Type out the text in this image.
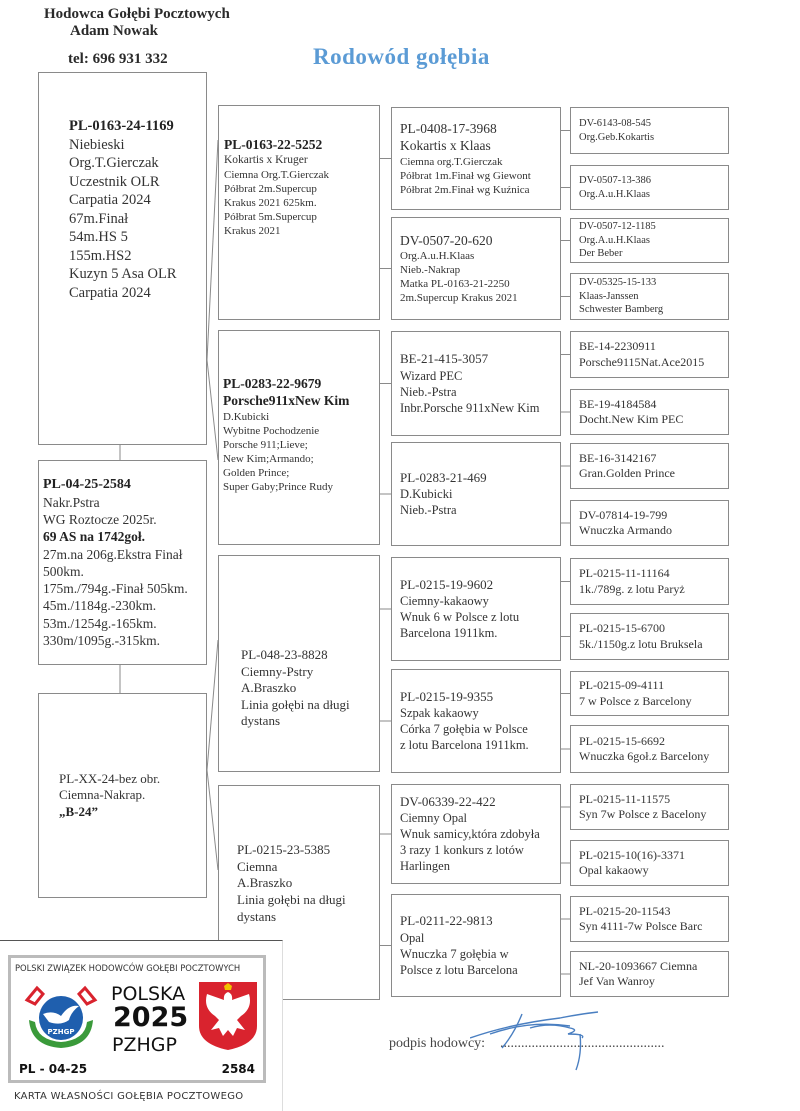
Hodowca Gołębi Pocztowych
Adam Nowak
tel: 696 931 332	Rodowód gołębia
PL-0163-24-1169
Niebieski
Org.T.Gierczak
Uczestnik OLR
Carpatia 2024
67m.Finał
54m.HS 5
155m.HS2
Kuzyn 5 Asa OLR
Carpatia 2024
PL-04-25-2584
Nakr.Pstra
WG Roztocze 2025r.
69 AS na 1742goł.
27m.na 206g.Ekstra Finał
500km.
175m./794g.-Finał 505km.
45m./1184g.-230km.
53m./1254g.-165km.
330m/1095g.-315km.
PL-XX-24-bez obr.
Ciemna-Nakrap.
„B-24”
PL-0163-22-5252
Kokartis x Kruger
Ciemna Org.T.Gierczak
Półbrat 2m.Supercup
Krakus 2021 625km.
Półbrat 5m.Supercup
Krakus 2021
PL-0283-22-9679
Porsche911xNew Kim
D.Kubicki
Wybitne Pochodzenie
Porsche 911;Lieve;
New Kim;Armando;
Golden Prince;
Super Gaby;Prince Rudy
PL-048-23-8828
Ciemny-Pstry
A.Braszko
Linia gołębi na długi
dystans
PL-0215-23-5385
Ciemna
A.Braszko
Linia gołębi na długi
dystans
PL-0408-17-3968
Kokartis x Klaas
Ciemna org.T.Gierczak
Półbrat 1m.Finał wg Giewont
Półbrat 2m.Finał wg Kuźnica
DV-0507-20-620
Org.A.u.H.Klaas
Nieb.-Nakrap
Matka PL-0163-21-2250
2m.Supercup Krakus 2021
BE-21-415-3057
Wizard PEC
Nieb.-Pstra
Inbr.Porsche 911xNew Kim
PL-0283-21-469
D.Kubicki
Nieb.-Pstra
PL-0215-19-9602
Ciemny-kakaowy
Wnuk 6 w Polsce z lotu
Barcelona 1911km.
PL-0215-19-9355
Szpak kakaowy
Córka 7 gołębia w Polsce
z lotu Barcelona 1911km.
DV-06339-22-422
Ciemny Opal
Wnuk samicy,która zdobyła
3 razy 1 konkurs z lotów
Harlingen
PL-0211-22-9813
Opal
Wnuczka 7 gołębia w
Polsce z lotu Barcelona
DV-6143-08-545
Org.Geb.Kokartis
DV-0507-13-386
Org.A.u.H.Klaas
DV-0507-12-1185
Org.A.u.H.Klaas
Der Beber
DV-05325-15-133
Klaas-Janssen
Schwester Bamberg
BE-14-2230911
Porsche9115Nat.Ace2015
BE-19-4184584
Docht.New Kim PEC
BE-16-3142167
Gran.Golden Prince
DV-07814-19-799
Wnuczka Armando
PL-0215-11-11164
1k./789g. z lotu Paryż
PL-0215-15-6700
5k./1150g.z lotu Bruksela
PL-0215-09-4111
7 w Polsce z Barcelony
PL-0215-15-6692
Wnuczka 6goł.z Barcelony
PL-0215-11-11575
Syn 7w Polsce z Bacelony
PL-0215-10(16)-3371
Opal kakaowy
PL-0215-20-11543
Syn 4111-7w Polsce Barc
NL-20-1093667 Ciemna
Jef Van Wanroy
POLSKI ZWIĄZEK HODOWCÓW GOŁĘBI POCZTOWYCH
PZHGP
POLSKA
2025
PZHGP
PL - 04-25	2584
KARTA WŁASNOŚCI GOŁĘBIA POCZTOWEGO
podpis hodowcy: ...............................................
